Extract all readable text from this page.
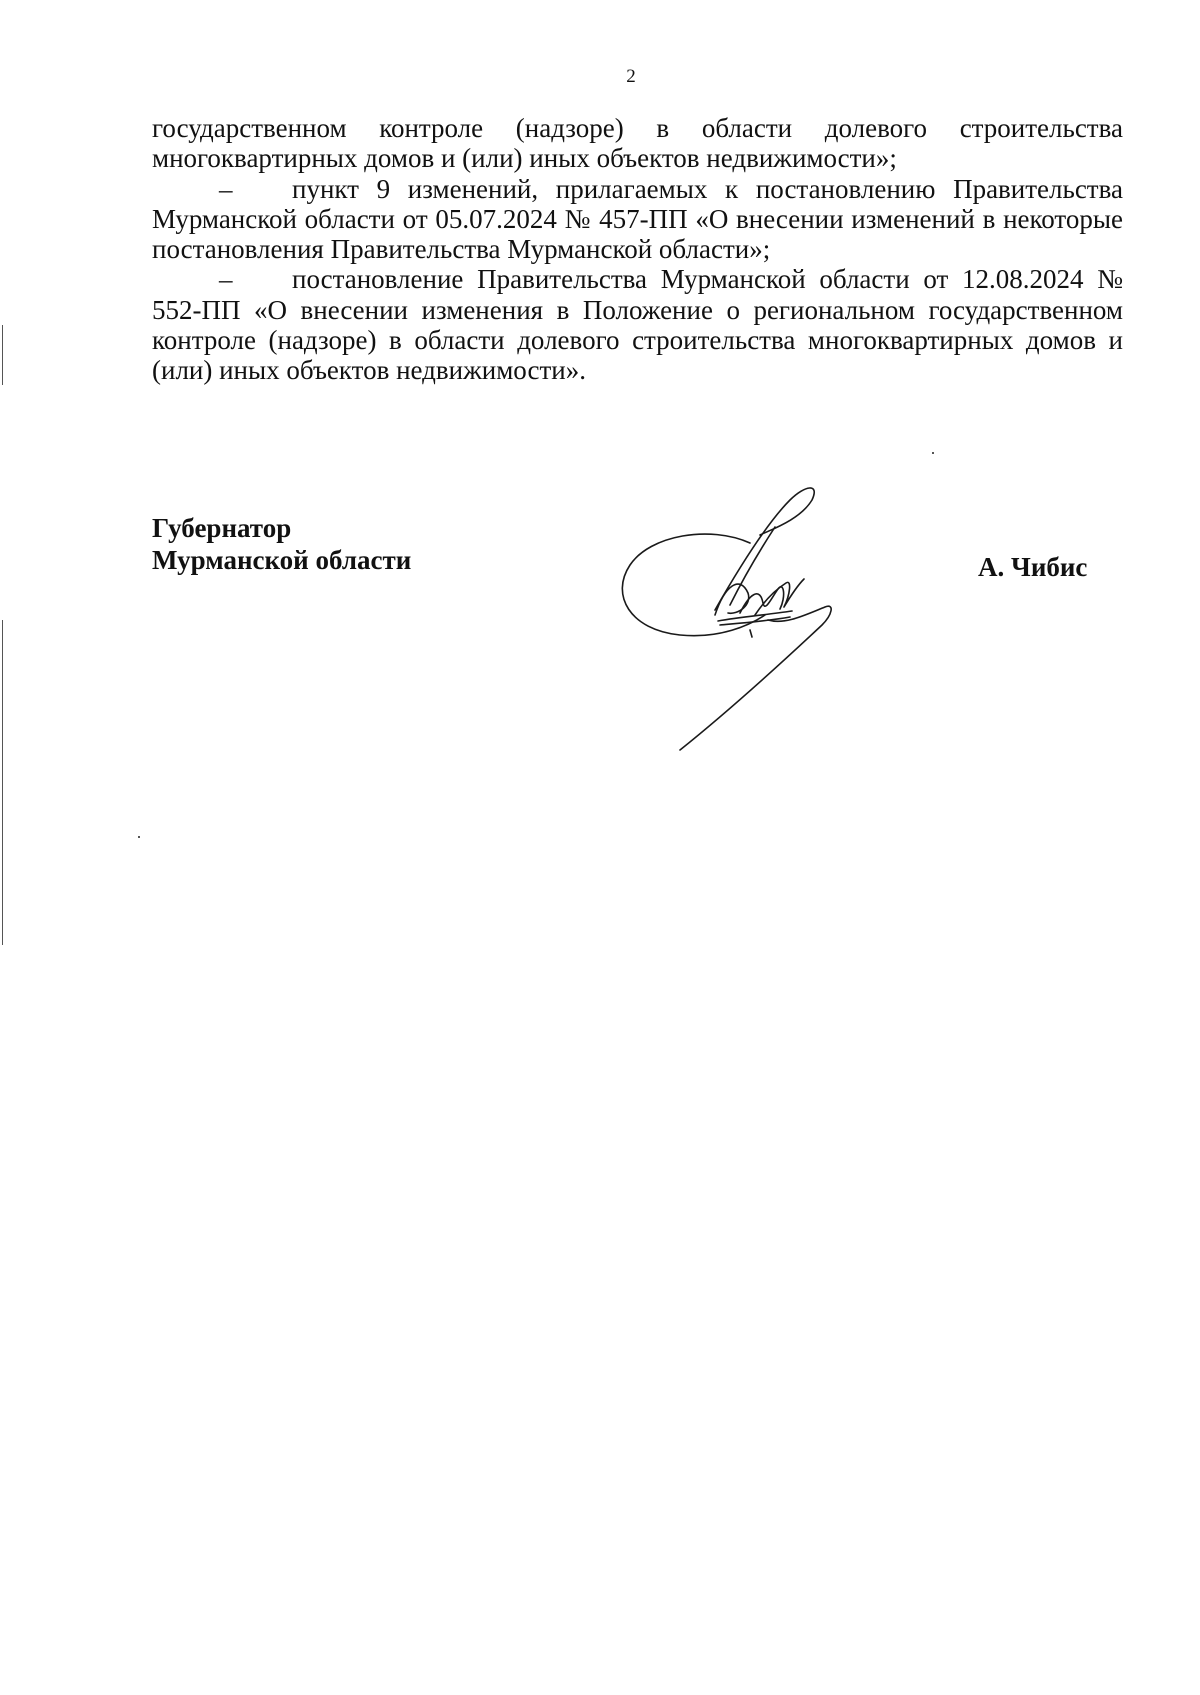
2

государственном контроле (надзоре) в области долевого строительства многоквартирных домов и (или) иных объектов недвижимости»;

– пункт 9 изменений, прилагаемых к постановлению Правительства Мурманской области от 05.07.2024 № 457-ПП «О внесении изменений в некоторые постановления Правительства Мурманской области»;

– постановление Правительства Мурманской области от 12.08.2024 № 552-ПП «О внесении изменения в Положение о региональном государственном контроле (надзоре) в области долевого строительства многоквартирных домов и (или) иных объектов недвижимости».

Губернатор
Мурманской области	А. Чибис
